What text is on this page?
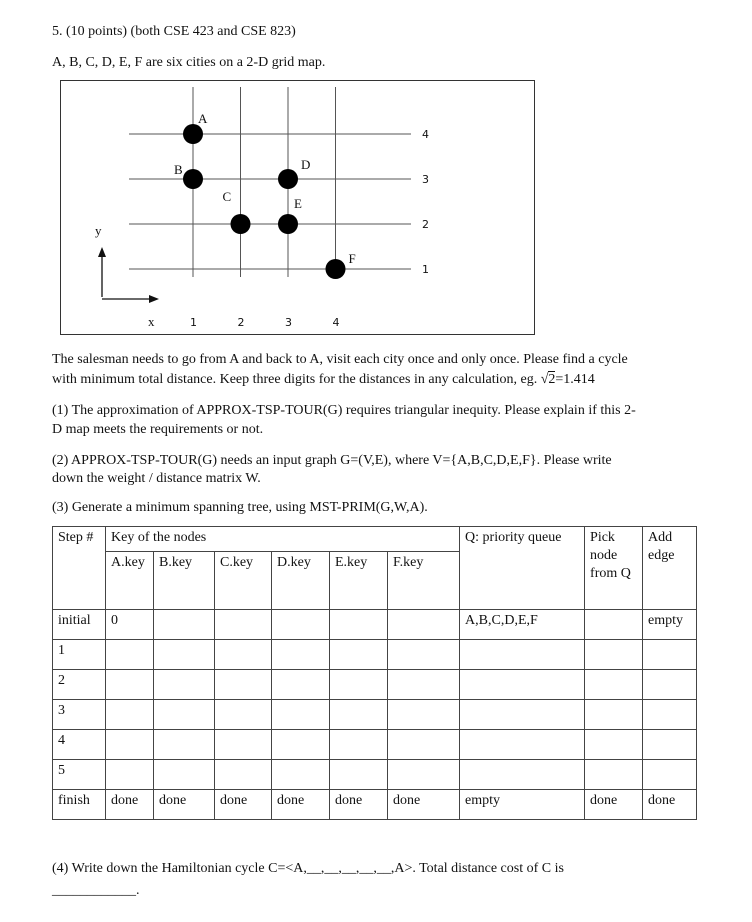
5. (10 points) (both CSE 423 and CSE 823)
A, B, C, D, E, F are six cities on a 2-D grid map.
1
2
3
4
1	2	3	4
y
x
A
B
C
D
E
F
The salesman needs to go from A and back to A, visit each city once and only once. Please find a cycle
with minimum total distance. Keep three digits for the distances in any calculation, eg. √2=1.414
(1) The approximation of APPROX-TSP-TOUR(G) requires triangular inequity. Please explain if this 2-
D map meets the requirements or not.
(2) APPROX-TSP-TOUR(G) needs an input graph G=(V,E), where V={A,B,C,D,E,F}. Please write
down the weight / distance matrix W.
(3) Generate a minimum spanning tree, using MST-PRIM(G,W,A).
Step #	Key of the nodes						Q: priority queue	Pick node from Q	Add edge
	A.key	B.key	C.key	D.key	E.key	F.key			
initial	0						A,B,C,D,E,F		empty
1									
2									
3									
4									
5									
finish	done	done	done	done	done	done	empty	done	done
(4) Write down the Hamiltonian cycle C=<A,__,__,__,__,__,A>. Total distance cost of C is
____________.
